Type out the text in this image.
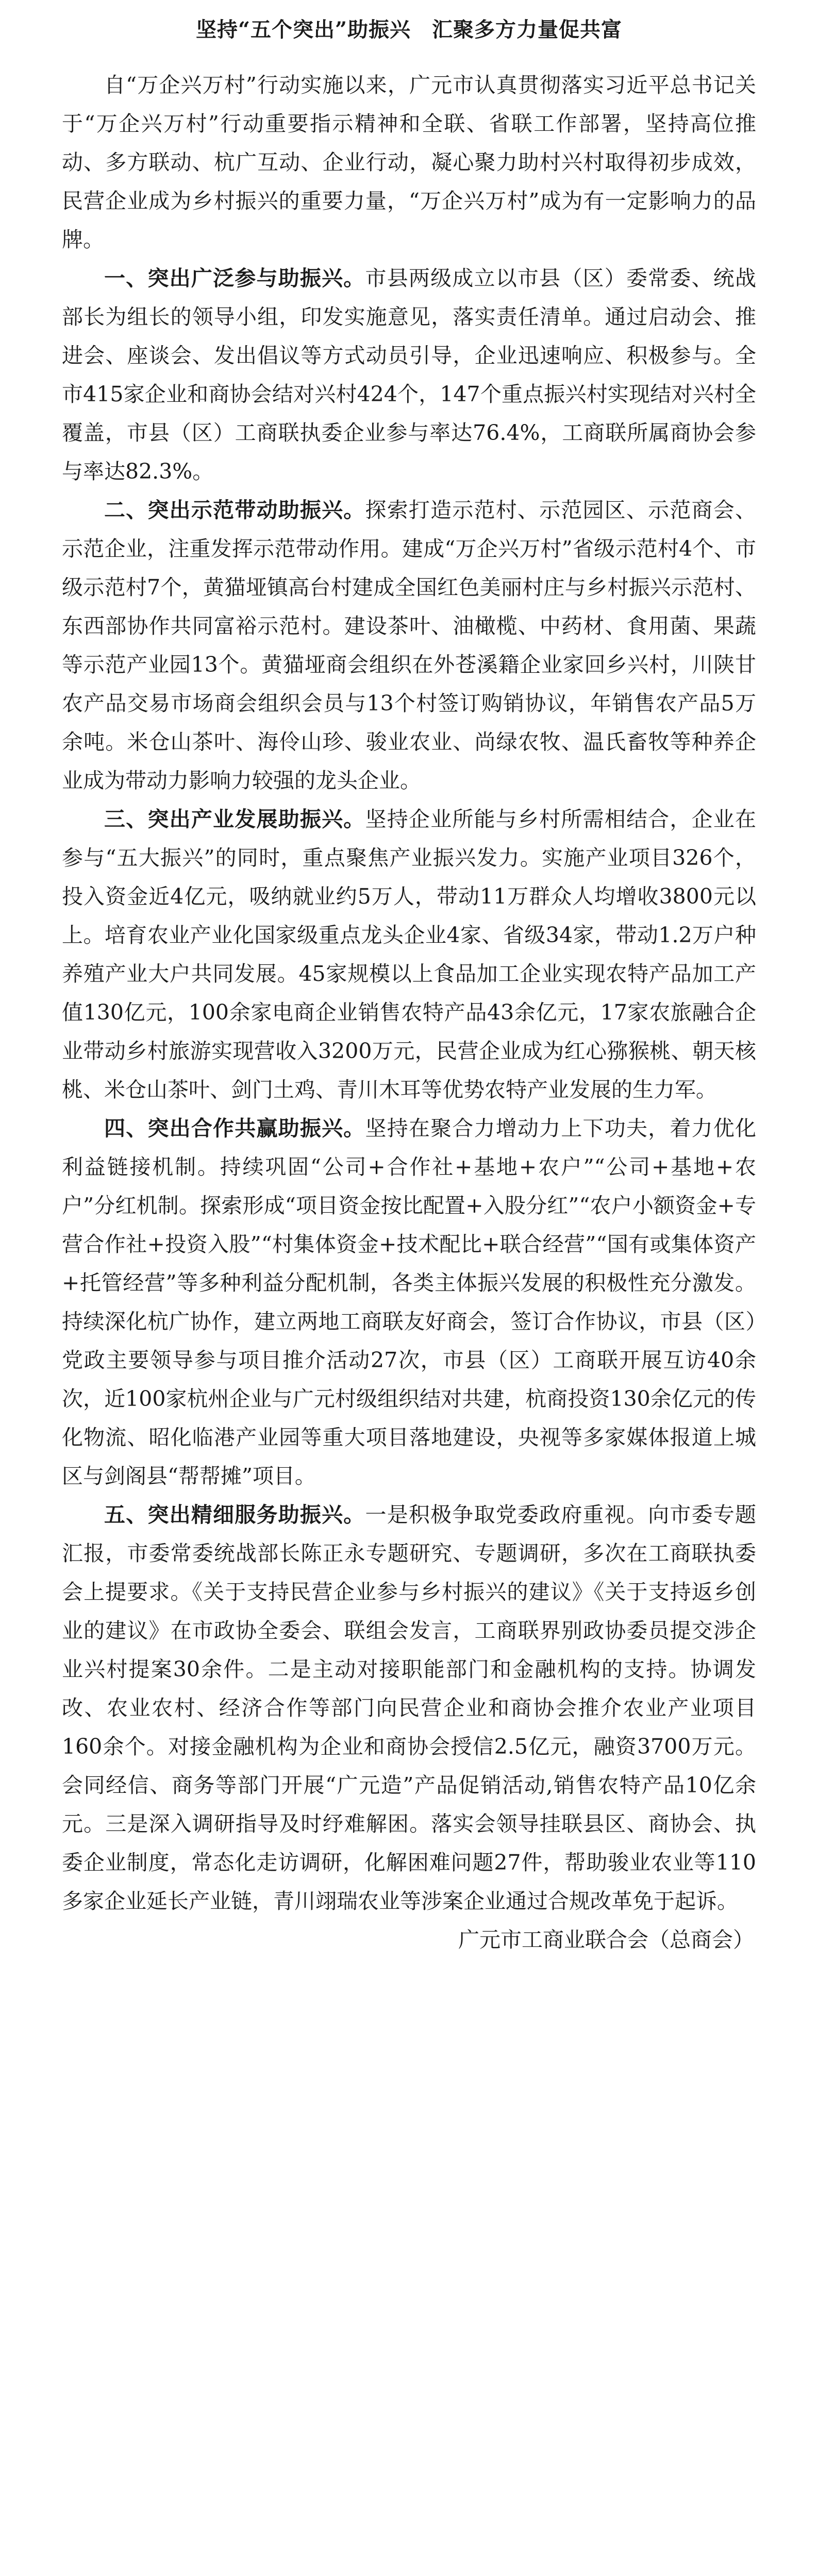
坚持“五个突出”助振兴　汇聚多方力量促共富

自“万企兴万村”行动实施以来，广元市认真贯彻落实习近平总书记关于“万企兴万村”行动重要指示精神和全联、省联工作部署，坚持高位推动、多方联动、杭广互动、企业行动，凝心聚力助村兴村取得初步成效，民营企业成为乡村振兴的重要力量，“万企兴万村”成为有一定影响力的品牌。

一、突出广泛参与助振兴。市县两级成立以市县（区）委常委、统战部长为组长的领导小组，印发实施意见，落实责任清单。通过启动会、推进会、座谈会、发出倡议等方式动员引导，企业迅速响应、积极参与。全市415家企业和商协会结对兴村424个，147个重点振兴村实现结对兴村全覆盖，市县（区）工商联执委企业参与率达76.4%，工商联所属商协会参与率达82.3%。

二、突出示范带动助振兴。探索打造示范村、示范园区、示范商会、示范企业，注重发挥示范带动作用。建成“万企兴万村”省级示范村4个、市级示范村7个，黄猫垭镇高台村建成全国红色美丽村庄与乡村振兴示范村、东西部协作共同富裕示范村。建设茶叶、油橄榄、中药材、食用菌、果蔬等示范产业园13个。黄猫垭商会组织在外苍溪籍企业家回乡兴村，川陕甘农产品交易市场商会组织会员与13个村签订购销协议，年销售农产品5万余吨。米仓山茶叶、海伶山珍、骏业农业、尚绿农牧、温氏畜牧等种养企业成为带动力影响力较强的龙头企业。

三、突出产业发展助振兴。坚持企业所能与乡村所需相结合，企业在参与“五大振兴”的同时，重点聚焦产业振兴发力。实施产业项目326个，投入资金近4亿元，吸纳就业约5万人，带动11万群众人均增收3800元以上。培育农业产业化国家级重点龙头企业4家、省级34家，带动1.2万户种养殖产业大户共同发展。45家规模以上食品加工企业实现农特产品加工产值130亿元，100余家电商企业销售农特产品43余亿元，17家农旅融合企业带动乡村旅游实现营收入3200万元，民营企业成为红心猕猴桃、朝天核桃、米仓山茶叶、剑门土鸡、青川木耳等优势农特产业发展的生力军。

四、突出合作共赢助振兴。坚持在聚合力增动力上下功夫，着力优化利益链接机制。持续巩固“公司+合作社+基地+农户”“公司+基地+农户”分红机制。探索形成“项目资金按比配置+入股分红”“农户小额资金+专营合作社+投资入股”“村集体资金+技术配比+联合经营”“国有或集体资产+托管经营”等多种利益分配机制，各类主体振兴发展的积极性充分激发。持续深化杭广协作，建立两地工商联友好商会，签订合作协议，市县（区）党政主要领导参与项目推介活动27次，市县（区）工商联开展互访40余次，近100家杭州企业与广元村级组织结对共建，杭商投资130余亿元的传化物流、昭化临港产业园等重大项目落地建设，央视等多家媒体报道上城区与剑阁县“帮帮摊”项目。

五、突出精细服务助振兴。一是积极争取党委政府重视。向市委专题汇报，市委常委统战部长陈正永专题研究、专题调研，多次在工商联执委会上提要求。《关于支持民营企业参与乡村振兴的建议》《关于支持返乡创业的建议》在市政协全委会、联组会发言，工商联界别政协委员提交涉企业兴村提案30余件。二是主动对接职能部门和金融机构的支持。协调发改、农业农村、经济合作等部门向民营企业和商协会推介农业产业项目160余个。对接金融机构为企业和商协会授信2.5亿元，融资3700万元。会同经信、商务等部门开展“广元造”产品促销活动,销售农特产品10亿余元。三是深入调研指导及时纾难解困。落实会领导挂联县区、商协会、执委企业制度，常态化走访调研，化解困难问题27件，帮助骏业农业等110多家企业延长产业链，青川翊瑞农业等涉案企业通过合规改革免于起诉。

广元市工商业联合会（总商会）
